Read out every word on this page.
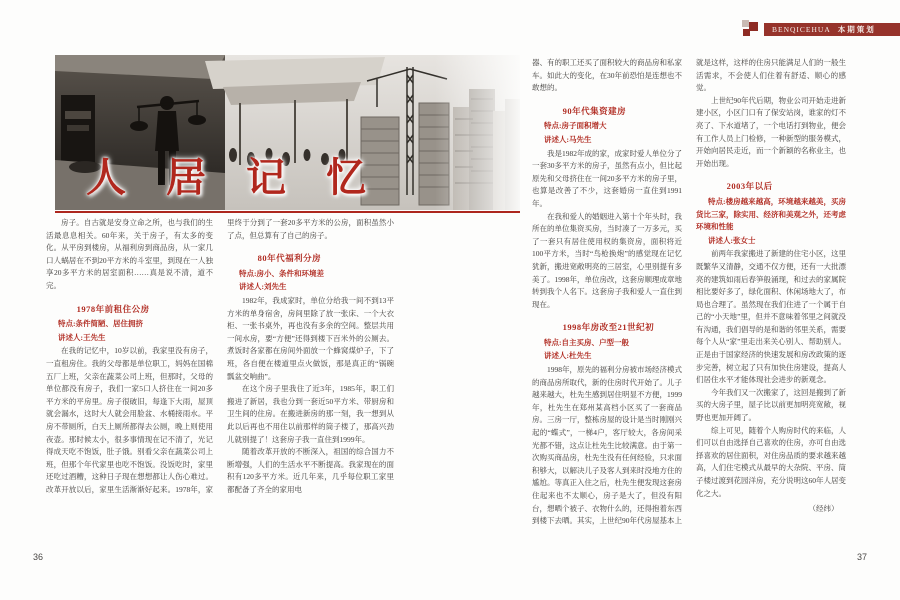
BENQICEHUA 本期策划
人 居 记 忆
房子。自古就是安身立命之所，也与我们的生活最息息相关。60年来，关于房子，有太多的变化。从平房到楼房，从福利房到商品房，从一家几口人蜗居在不到20平方米的斗室里，到现在一人独享20多平方米的居室面积……真是说不清，道不完。
1978年前租住公房
特点:条件简陋、居住拥挤
讲述人:王先生
在我的记忆中，10岁以前，我家里没有房子，一直租房住。我的父母都是单位职工，妈妈在国棉五厂上班，父亲在蔬菜公司上班，但那时，父母的单位都没有房子，我们一家5口人挤住在一间20多平方米的平房里。房子很破旧，每逢下大雨，屋顶就会漏水，这时大人就会用脸盆、水桶接雨水。平房不带厕所，白天上厕所都得去公厕，晚上则使用夜壶。那时候太小，很多事情现在记不清了，光记得成天吃不饱饭，肚子饿。别看父亲在蔬菜公司上班，但那个年代家里也吃不饱饭。没饭吃时，家里还吃过酒糟，这种日子现在想想都让人伤心难过。改革开放以后，家里生活渐渐好起来。1978年，家里终于分到了一套20多平方米的公房，面积虽然小了点，但总算有了自己的房子。
80年代福利分房
特点:房小、条件和环境差
讲述人:刘先生
1982年，我成家时，单位分给我一间不到13平方米的单身宿舍，房间里除了放一张床、一个大衣柜、一张书桌外，再也没有多余的空间。整层共用一间水房，要“方便”还得到楼下百米外的公厕去。煮饭时各家都在房间外面放一个蜂窝煤炉子，下了班，各自便在楼道里点火做饭，那是真正的“锅碗瓢盆交响曲”。
在这个房子里我住了近3年，1985年，职工们搬进了新居，我也分到一套近50平方米、带厨房和卫生间的住房。在搬进新房的那一刻，我一想到从此以后再也不用住以前那样的筒子楼了，那高兴劲儿就别提了！这套房子我一直住到1999年。
随着改革开放的不断深入，祖国的综合国力不断增强，人们的生活水平不断提高。我家现在的面积有120多平方米。近几年来，几乎每位职工家里都配备了齐全的家用电
器、有的职工还买了面积较大的商品房和私家车。如此大的变化，在30年前恐怕是连想也不敢想的。
90年代集资建房
特点:房子面积增大
讲述人:马先生
我是1982年成的家，成家时爱人单位分了一套30多平方米的房子，虽然有点小，但比起原先和父母挤住在一间20多平方米的房子里，也算是改善了不少，这套婚房一直住到1991年。
在我和爱人的婚姻进入第十个年头时，我所在的单位集资买房，当时凑了一万多元，买了一套只有居住使用权的集资房，面积将近100平方米，当时“鸟枪换炮”的感觉现在记忆犹新，搬进宽敞明亮的三居室，心里别提有多美了。1998年，单位房改，这套房顺理成章地转到我个人名下。这套房子我和爱人一直住到现在。
1998年房改至21世纪初
特点:自主买房、户型一般
讲述人:杜先生
1998年，原先的福利分房被市场经济模式的商品房所取代，新的住房时代开始了。儿子越来越大，杜先生感到居住明显不方便，1999年，杜先生在郑州某高档小区买了一套商品房。三房一厅，整栋房屋的设计是当时刚刚兴起的“蝶式”，一梯4户，客厅较大，各房间采光都不错，这点让杜先生比较满意。由于第一次购买商品房，杜先生没有任何经验，只求面积够大，以解决儿子及客人到来时没地方住的尴尬。等真正入住之后，杜先生便发现这套房住起来也不太顺心，房子是大了，但没有阳台，想晒个被子、衣物什么的，还得抱着东西到楼下去晒。其实，上世纪90年代房屋基本上就是这样，这样的住房只能满足人们的一般生活需求，不会使人们住着有舒适、顺心的感觉。
上世纪90年代后期，物业公司开始走进新建小区，小区门口有了保安站岗，谁家的灯不亮了、下水道堵了，一个电话打到物业，便会有工作人员上门检修，一种新型的服务模式，开始向居民走近，而一个新颖的名称业主，也开始出现。
2003年以后
特点:楼房越来越高，环境越来越美，买房货比三家，除实用、经济和美观之外，还考虑环境和性能
讲述人:张女士
前两年我家搬进了新建的住宅小区，这里既繁华又清静，交通不仅方便，还有一大批漂亮的建筑如雨后春笋般涌现，和过去的家属院相比要好多了，绿化面积、休闲场地大了，布局也合理了。虽然现在我们住进了一个属于自己的“小天地”里，但并不意味着邻里之间就没有沟通，我们倡导的是和谐的邻里关系，需要每个人从“家”里走出来关心别人、帮助别人。正是由于国家经济的快速发展和房改政策的逐步完善，树立起了只有加快住房建设，提高人们居住水平才能体现社会进步的新观念。
今年我们又一次搬家了，这回是搬到了新买的大房子里，屋子比以前更加明亮宽敞，视野也更加开阔了。
综上可见，随着个人购房时代的来临，人们可以自由选择自己喜欢的住房，亦可自由选择喜欢的居住面积，对住房品质的要求越来越高，人们住宅模式从最早的大杂院、平房、筒子楼过渡到花园洋房，充分说明这60年人居变化之大。
（经纬）
36	37
